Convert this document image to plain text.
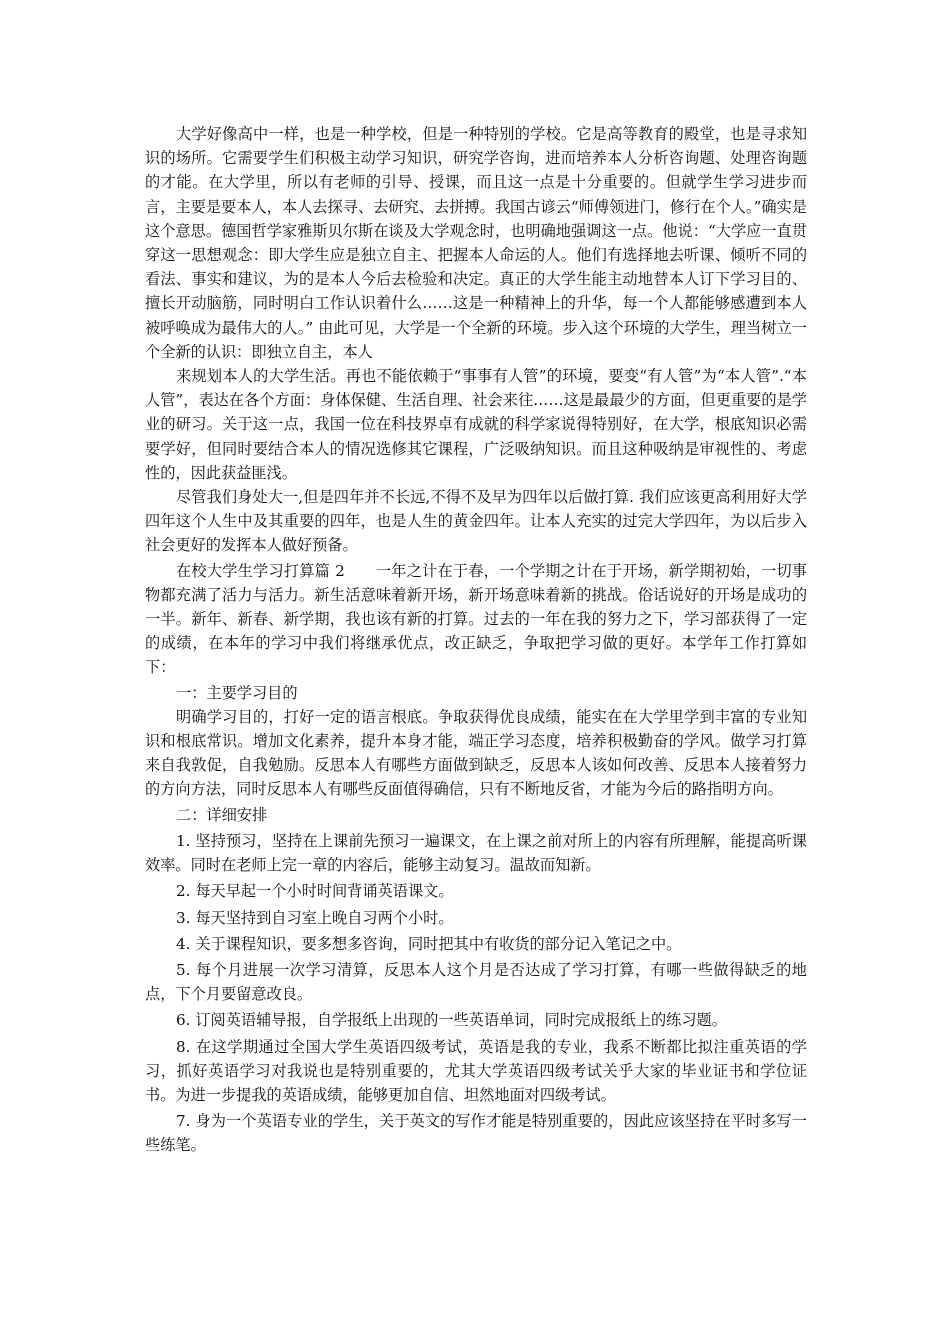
大学好像高中一样，也是一种学校，但是一种特别的学校。它是高等教育的殿堂，也是寻求知识的场所。它需要学生们积极主动学习知识，研究学咨询，进而培养本人分析咨询题、处理咨询题的才能。在大学里，所以有老师的引导、授课，而且这一点是十分重要的。但就学生学习进步而言，主要是要本人，本人去探寻、去研究、去拼搏。我国古谚云“师傅领进门，修行在个人。”确实是这个意思。德国哲学家雅斯贝尔斯在谈及大学观念时，也明确地强调这一点。他说：“大学应一直贯穿这一思想观念：即大学生应是独立自主、把握本人命运的人。他们有选择地去听课、倾听不同的看法、事实和建议，为的是本人今后去检验和决定。真正的大学生能主动地替本人订下学习目的、擅长开动脑筋，同时明白工作认识着什么……这是一种精神上的升华，每一个人都能够感遭到本人被呼唤成为最伟大的人。” 由此可见，大学是一个全新的环境。步入这个环境的大学生，理当树立一个全新的认识：即独立自主，本人

来规划本人的大学生活。再也不能依赖于“事事有人管”的环境，要变“有人管”为“本人管”.“本人管”，表达在各个方面：身体保健、生活自理、社会来往……这是最最少的方面，但更重要的是学业的研习。关于这一点，我国一位在科技界卓有成就的科学家说得特别好，在大学，根底知识必需要学好，但同时要结合本人的情况选修其它课程，广泛吸纳知识。而且这种吸纳是审视性的、考虑性的，因此获益匪浅。

尽管我们身处大一,但是四年并不长远,不得不及早为四年以后做打算. 我们应该更高利用好大学四年这个人生中及其重要的四年，也是人生的黄金四年。让本人充实的过完大学四年，为以后步入社会更好的发挥本人做好预备。

在校大学生学习打算篇 2　　一年之计在于春，一个学期之计在于开场，新学期初始，一切事物都充满了活力与活力。新生活意味着新开场，新开场意味着新的挑战。俗话说好的开场是成功的一半。新年、新春、新学期，我也该有新的打算。过去的一年在我的努力之下，学习部获得了一定的成绩，在本年的学习中我们将继承优点，改正缺乏，争取把学习做的更好。本学年工作打算如下：

一：主要学习目的

明确学习目的，打好一定的语言根底。争取获得优良成绩，能实在在大学里学到丰富的专业知识和根底常识。增加文化素养，提升本身才能，端正学习态度，培养积极勤奋的学风。做学习打算来自我敦促，自我勉励。反思本人有哪些方面做到缺乏，反思本人该如何改善、反思本人接着努力的方向方法，同时反思本人有哪些反面值得确信，只有不断地反省，才能为今后的路指明方向。

二：详细安排

1. 坚持预习，坚持在上课前先预习一遍课文，在上课之前对所上的内容有所理解，能提高听课效率。同时在老师上完一章的内容后，能够主动复习。温故而知新。

2. 每天早起一个小时时间背诵英语课文。

3. 每天坚持到自习室上晚自习两个小时。

4. 关于课程知识，要多想多咨询，同时把其中有收货的部分记入笔记之中。

5. 每个月进展一次学习清算，反思本人这个月是否达成了学习打算，有哪一些做得缺乏的地点，下个月要留意改良。

6. 订阅英语辅导报，自学报纸上出现的一些英语单词，同时完成报纸上的练习题。

8. 在这学期通过全国大学生英语四级考试，英语是我的专业，我系不断都比拟注重英语的学习，抓好英语学习对我说也是特别重要的，尤其大学英语四级考试关乎大家的毕业证书和学位证书。为进一步提我的英语成绩，能够更加自信、坦然地面对四级考试。

7. 身为一个英语专业的学生，关于英文的写作才能是特别重要的，因此应该坚持在平时多写一些练笔。
